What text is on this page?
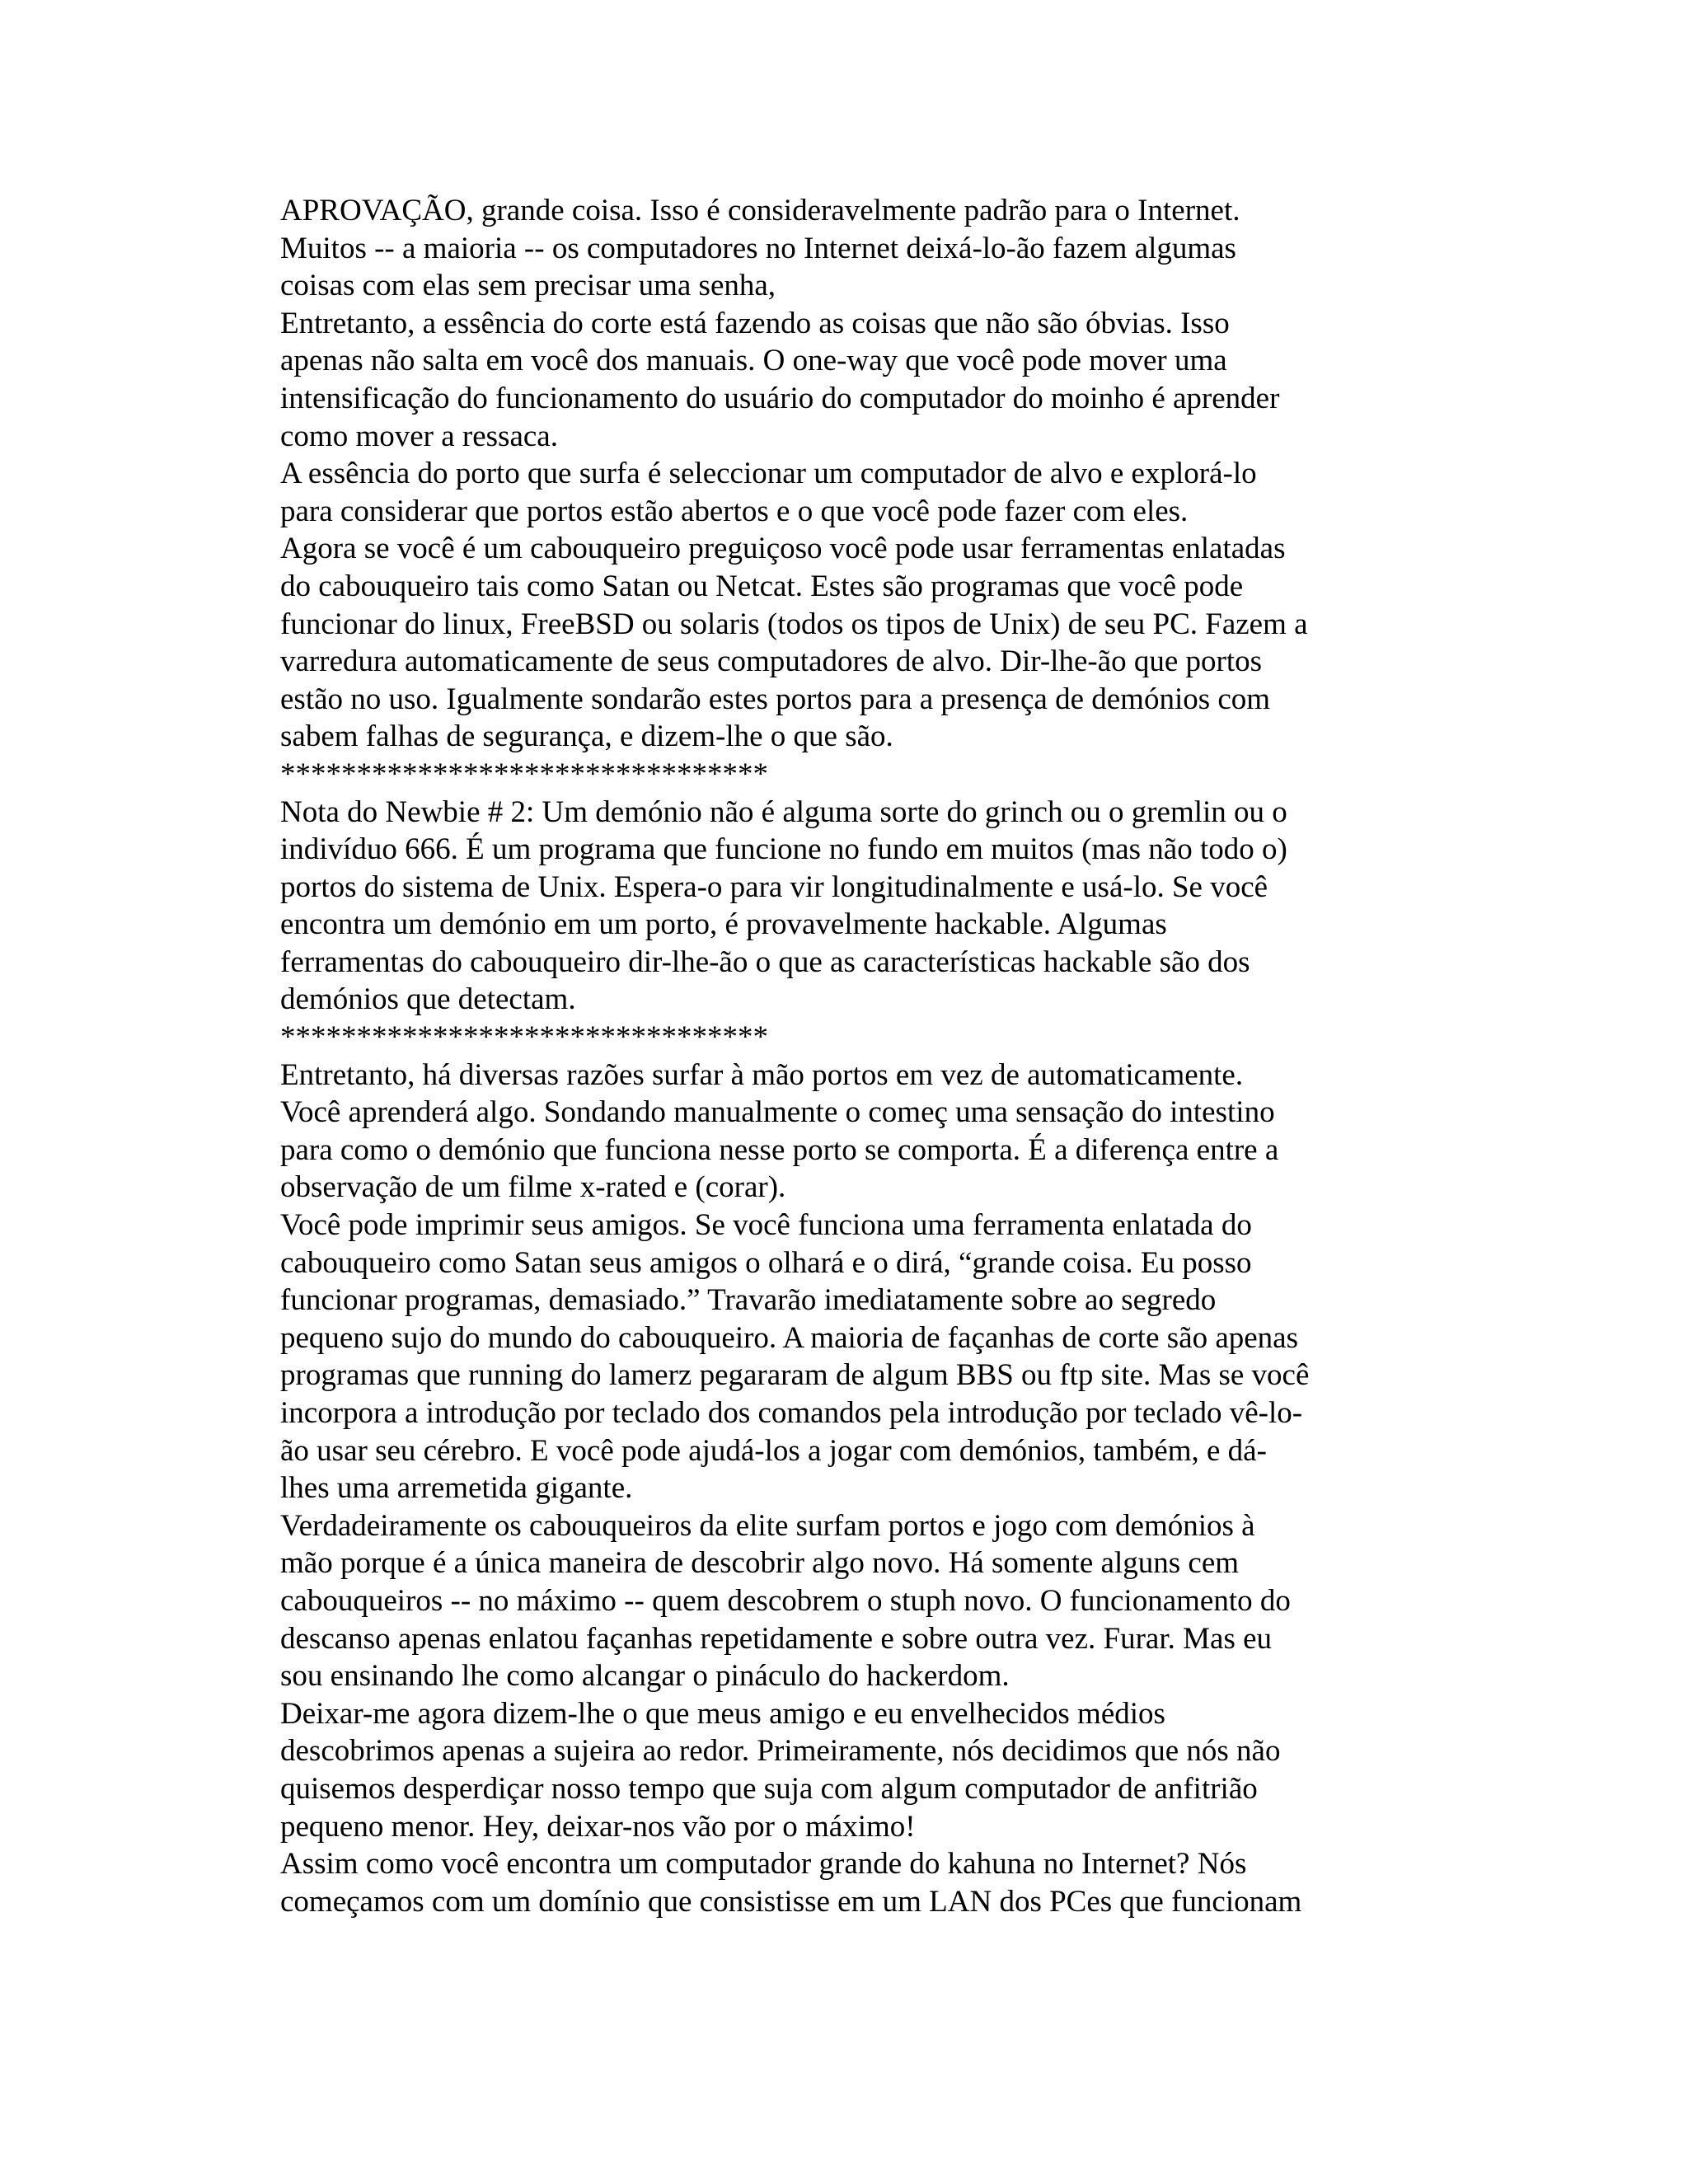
APROVAÇÃO, grande coisa. Isso é consideravelmente padrão para o Internet.
Muitos -- a maioria -- os computadores no Internet deixá-lo-ão fazem algumas
coisas com elas sem precisar uma senha,
Entretanto, a essência do corte está fazendo as coisas que não são óbvias. Isso
apenas não salta em você dos manuais. O one-way que você pode mover uma
intensificação do funcionamento do usuário do computador do moinho é aprender
como mover a ressaca.
A essência do porto que surfa é seleccionar um computador de alvo e explorá-lo
para considerar que portos estão abertos e o que você pode fazer com eles.
Agora se você é um cabouqueiro preguiçoso você pode usar ferramentas enlatadas
do cabouqueiro tais como Satan ou Netcat. Estes são programas que você pode
funcionar do linux, FreeBSD ou solaris (todos os tipos de Unix) de seu PC. Fazem a
varredura automaticamente de seus computadores de alvo. Dir-lhe-ão que portos
estão no uso. Igualmente sondarão estes portos para a presença de demónios com
sabem falhas de segurança, e dizem-lhe o que são.
********************************
Nota do Newbie # 2: Um demónio não é alguma sorte do grinch ou o gremlin ou o
indivíduo 666. É um programa que funcione no fundo em muitos (mas não todo o)
portos do sistema de Unix. Espera-o para vir longitudinalmente e usá-lo. Se você
encontra um demónio em um porto, é provavelmente hackable. Algumas
ferramentas do cabouqueiro dir-lhe-ão o que as características hackable são dos
demónios que detectam.
********************************
Entretanto, há diversas razões surfar à mão portos em vez de automaticamente.
Você aprenderá algo. Sondando manualmente o começ uma sensação do intestino
para como o demónio que funciona nesse porto se comporta. É a diferença entre a
observação de um filme x-rated e (corar).
Você pode imprimir seus amigos. Se você funciona uma ferramenta enlatada do
cabouqueiro como Satan seus amigos o olhará e o dirá, “grande coisa. Eu posso
funcionar programas, demasiado.” Travarão imediatamente sobre ao segredo
pequeno sujo do mundo do cabouqueiro. A maioria de façanhas de corte são apenas
programas que running do lamerz pegararam de algum BBS ou ftp site. Mas se você
incorpora a introdução por teclado dos comandos pela introdução por teclado vê-lo-
ão usar seu cérebro. E você pode ajudá-los a jogar com demónios, também, e dá-
lhes uma arremetida gigante.
Verdadeiramente os cabouqueiros da elite surfam portos e jogo com demónios à
mão porque é a única maneira de descobrir algo novo. Há somente alguns cem
cabouqueiros -- no máximo -- quem descobrem o stuph novo. O funcionamento do
descanso apenas enlatou façanhas repetidamente e sobre outra vez. Furar. Mas eu
sou ensinando lhe como alcangar o pináculo do hackerdom.
Deixar-me agora dizem-lhe o que meus amigo e eu envelhecidos médios
descobrimos apenas a sujeira ao redor. Primeiramente, nós decidimos que nós não
quisemos desperdiçar nosso tempo que suja com algum computador de anfitrião
pequeno menor. Hey, deixar-nos vão por o máximo!
Assim como você encontra um computador grande do kahuna no Internet? Nós
começamos com um domínio que consistisse em um LAN dos PCes que funcionam
